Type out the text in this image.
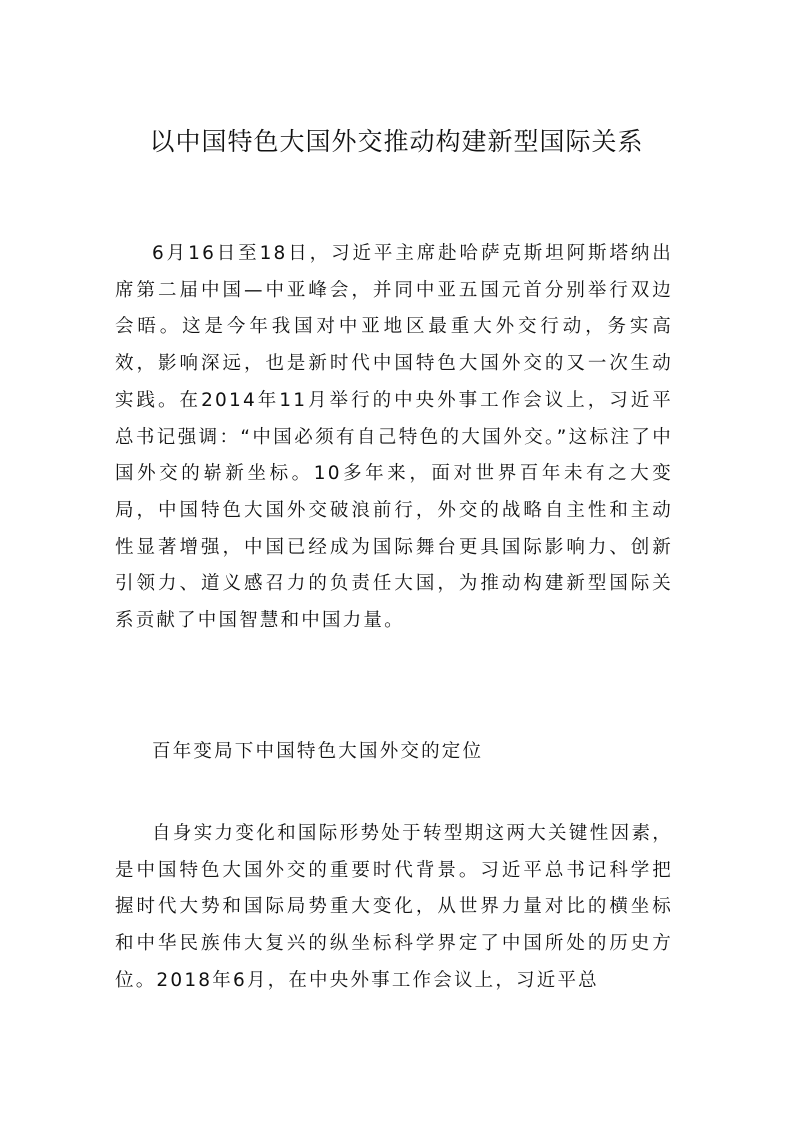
以中国特色大国外交推动构建新型国际关系

6月16日至18日，习近平主席赴哈萨克斯坦阿斯塔纳出席第二届中国—中亚峰会，并同中亚五国元首分别举行双边会晤。这是今年我国对中亚地区最重大外交行动，务实高效，影响深远，也是新时代中国特色大国外交的又一次生动实践。在2014年11月举行的中央外事工作会议上，习近平总书记强调：“中国必须有自己特色的大国外交。”这标注了中国外交的崭新坐标。10多年来，面对世界百年未有之大变局，中国特色大国外交破浪前行，外交的战略自主性和主动性显著增强，中国已经成为国际舞台更具国际影响力、创新引领力、道义感召力的负责任大国，为推动构建新型国际关系贡献了中国智慧和中国力量。

百年变局下中国特色大国外交的定位

自身实力变化和国际形势处于转型期这两大关键性因素，是中国特色大国外交的重要时代背景。习近平总书记科学把握时代大势和国际局势重大变化，从世界力量对比的横坐标和中华民族伟大复兴的纵坐标科学界定了中国所处的历史方位。2018年6月，在中央外事工作会议上，习近平总
